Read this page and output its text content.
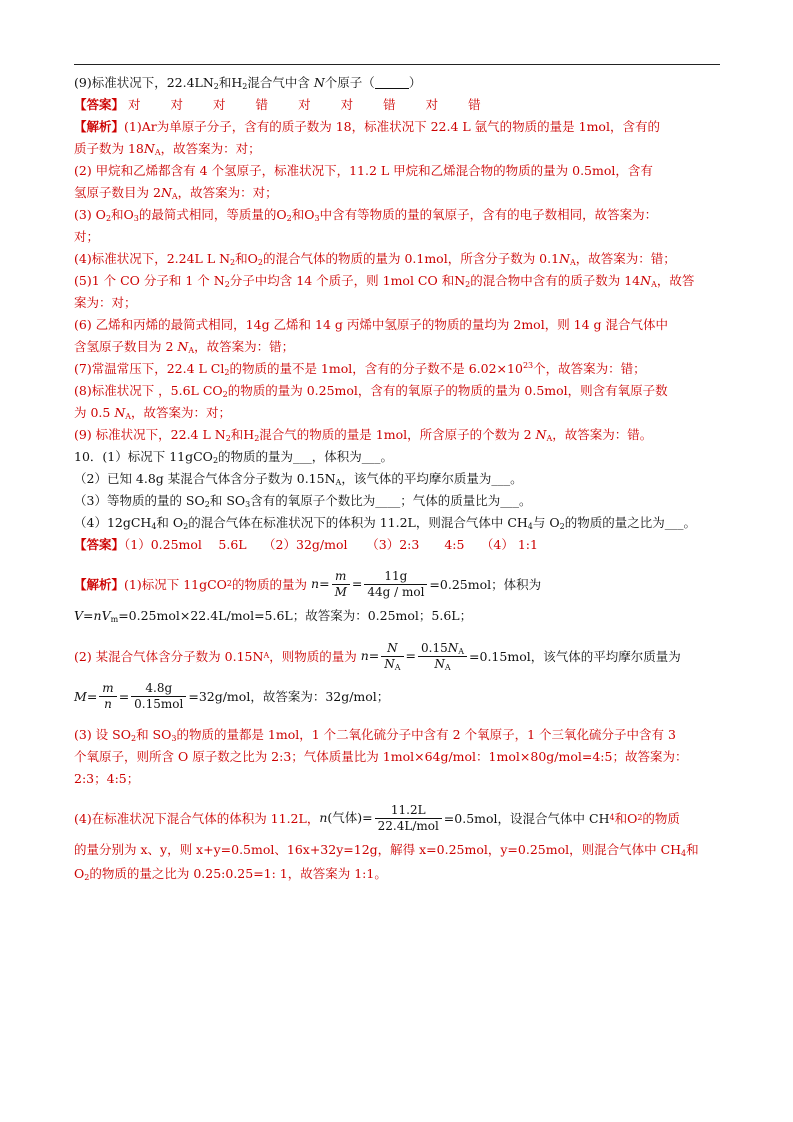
(9)标准状况下，$22.4LN_2$和$H_2$混合气中含 N个原子（	）
【答案】 对 对 对 错 对 对 错 对 错
【解析】(1)Ar为单原子分子，含有的质子数为 18，标准状况下 22.4 L 氩气的物质的量是 1mol，含有的
质子数为 $18N_A$，故答案为：对；
(2) 甲烷和乙烯都含有 4 个氢原子，标准状况下，11.2 L 甲烷和乙烯混合物的物质的量为 0.5mol，含有
氢原子数目为 $2N_A$，故答案为：对；
(3) $O_2$和$O_3$的最简式相同，等质量的$O_2$和$O_3$中含有等物质的量的氧原子，含有的电子数相同，故答案为：
对；
(4)标准状况下，2.24L L $N_2$和$O_2$的混合气体的物质的量为 0.1mol，所含分子数为 $0.1N_A$，故答案为：错；
(5)1 个 CO 分子和 1 个 $N_2$分子中均含 14 个质子，则 1mol CO 和$N_2$的混合物中含有的质子数为 $14N_A$，故答
案为：对；
(6) 乙烯和丙烯的最简式相同，14g 乙烯和 14 g 丙烯中氢原子的物质的量均为 2mol，则 14 g 混合气体中
含氢原子数目为 2 $N_A$，故答案为：错；
(7)常温常压下，22.4 L $Cl_2$的物质的量不是 1mol，含有的分子数不是 $6.02\times 10^{23}$个，故答案为：错；
(8)标准状况下 ，5.6L $CO_2$的物质的量为 0.25mol，含有的氧原子的物质的量为 0.5mol，则含有氧原子数
为 0.5 $N_A$，故答案为：对；
(9) 标准状况下，22.4 L $N_2$和$H_2$混合气的物质的量是 1mol，所含原子的个数为 2 $N_A$，故答案为：错。
10．(1）标况下 11gCO$_2$的物质的量为___，体积为___。
（2）已知 4.8g 某混合气体含分子数为 $0.15N_A$，该气体的平均摩尔质量为___。
（3）等物质的量的 $SO_2$和 $SO_3$含有的氧原子个数比为____；气体的质量比为___。
（4）12gCH$_4$和 $O_2$的混合气体在标准状况下的体积为 11.2L，则混合气体中 $CH_4$与 $O_2$的物质的量之比为___。
【答案】（1）0.25mol　 5.6L　 （2）32g/mol　　（3）2:3　　4:5　 （4） 1:1
【解析】 (1)标况下 11gCO 2 的物质的量为 $n= \frac{m}{M} = \frac{11g}{\text{44g / mol}} =0.25mol$；体积为
$V=nV_m=0.25mol\times 22.4L/mol=5.6L$；故答案为：0.25mol；5.6L；
(2) 某混合气体含分子数为 0.15N A ，则物质的量为 $n= \frac{N}{N_A} = \frac{0.15N_A}{N_A} =0.15mol$，该气体的平均摩尔质量为
$M = \frac{m}{n} = \frac{4.8g}{\text{0.15mol}} =32g/mol$，故答案为：32g/mol；
(3) 设 $SO_2$和 $SO_3$的物质的量都是 1mol，1 个二氧化硫分子中含有 2 个氧原子，1 个三氧化硫分子中含有 3
个氧原子，则所含 O 原子数之比为 2:3；气体质量比为 1mol×64g/mol：1mol×80g/mol=4:5；故答案为：
2:3；4:5；
(4)在标准状况下混合气体的体积为 11.2L， n(气体)= $\frac{11.2L}{\text{22.4L/mol}} =0.5mol$，设混合气体中 CH 4 和O 2 的物质
的量分别为 x、y，则 x+y=0.5mol、16x+32y=12g，解得 x=0.25mol，y=0.25mol，则混合气体中 $CH_4$和
$O_2$的物质的量之比为 0.25:0.25=1: 1，故答案为 1:1。
